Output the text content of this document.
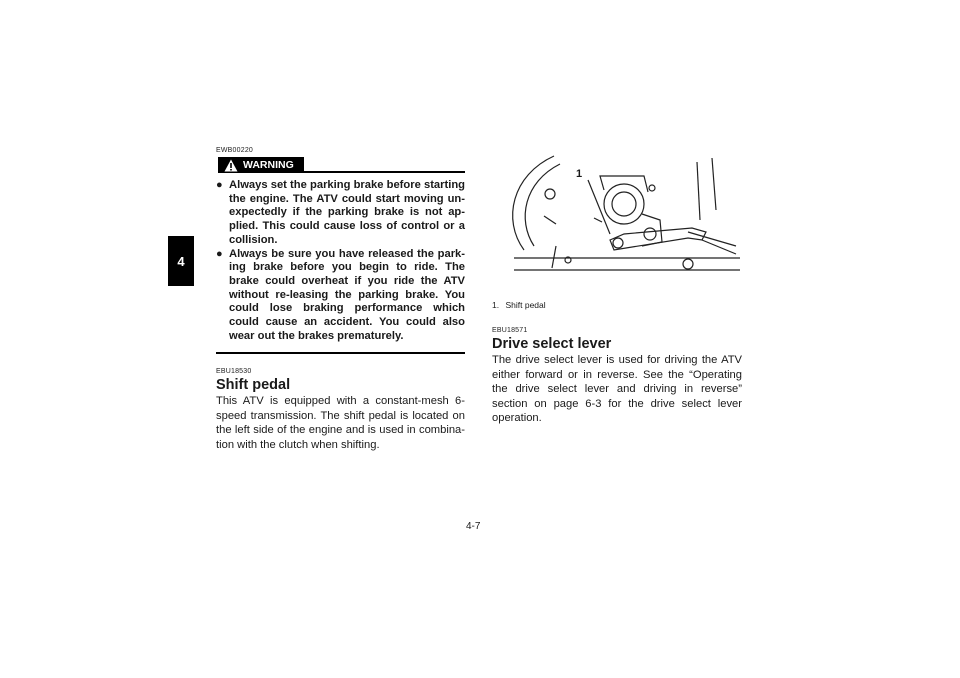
4
EWB00220
WARNING
● Always set the parking brake before starting the engine. The ATV could start moving un-expectedly if the parking brake is not ap-plied. This could cause loss of control or a collision.
● Always be sure you have released the park-ing brake before you begin to ride. The brake could overheat if you ride the ATV without re-leasing the parking brake. You could lose braking performance which could cause an accident. You could also wear out the brakes prematurely.
EBU18530
Shift pedal

This ATV is equipped with a constant-mesh 6-speed transmission. The shift pedal is located on the left side of the engine and is used in combina-tion with the clutch when shifting.

1
1. Shift pedal
EBU18571
Drive select lever

The drive select lever is used for driving the ATV either forward or in reverse. See the “Operating the drive select lever and driving in reverse” section on page 6-3 for the drive select lever operation.

4-7
